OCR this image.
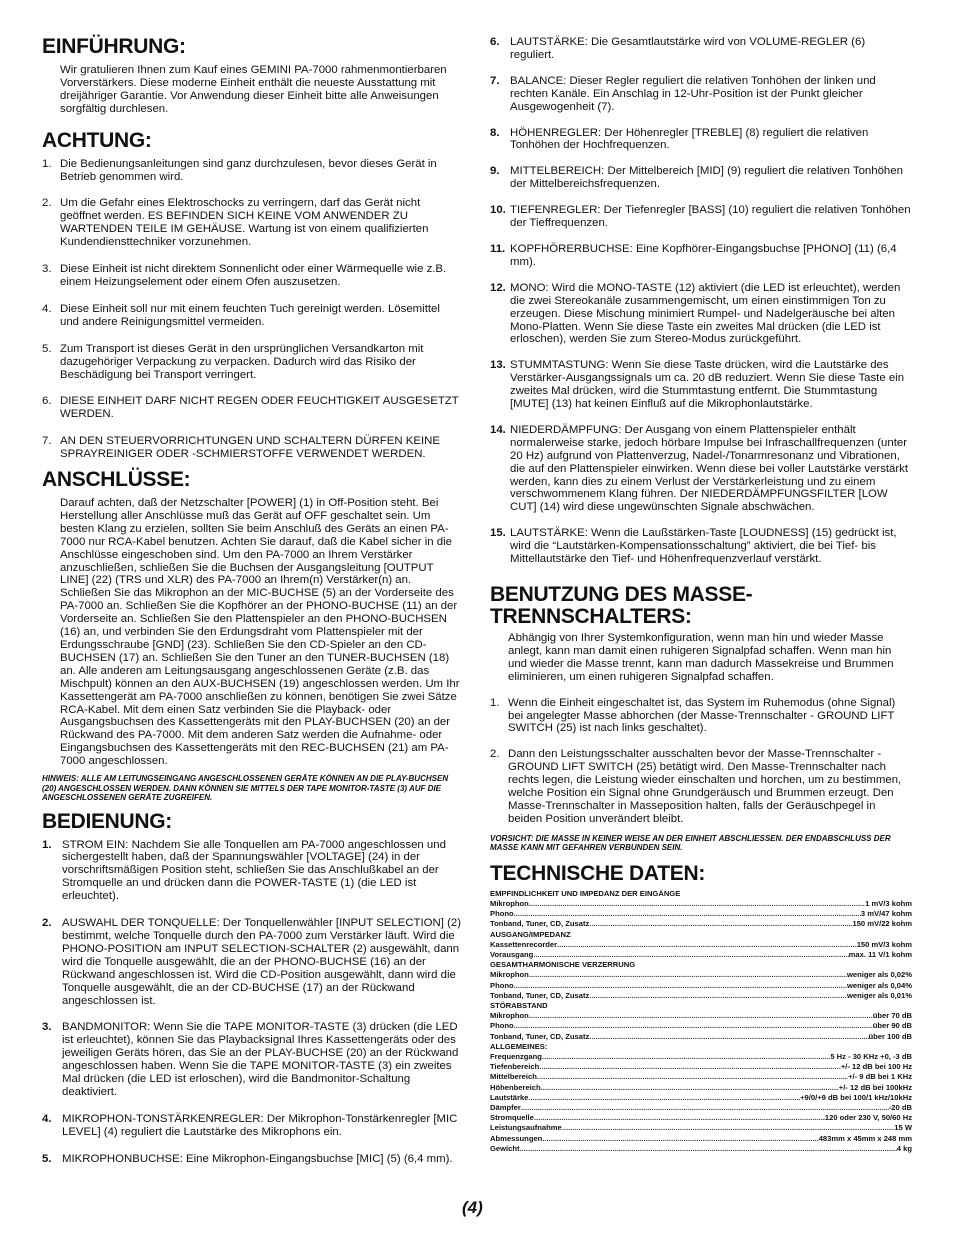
EINFÜHRUNG:

Wir gratulieren Ihnen zum Kauf eines GEMINI PA-7000 rahmenmontierbaren Vorverstärkers. Diese moderne Einheit enthält die neueste Ausstattung mit dreijähriger Garantie. Vor Anwendung dieser Einheit bitte alle Anweisungen sorgfältig durchlesen.

ACHTUNG:
1. Die Bedienungsanleitungen sind ganz durchzulesen, bevor dieses Gerät in Betrieb genommen wird.
2. Um die Gefahr eines Elektroschocks zu verringern, darf das Gerät nicht geöffnet werden. ES BEFINDEN SICH KEINE VOM ANWENDER ZU WARTENDEN TEILE IM GEHÄUSE. Wartung ist von einem qualifizierten Kundendiensttechniker vorzunehmen.
3. Diese Einheit ist nicht direktem Sonnenlicht oder einer Wärmequelle wie z.B. einem Heizungselement oder einem Ofen auszusetzen.
4. Diese Einheit soll nur mit einem feuchten Tuch gereinigt werden. Lösemittel und andere Reinigungsmittel vermeiden.
5. Zum Transport ist dieses Gerät in den ursprünglichen Versandkarton mit dazugehöriger Verpackung zu verpacken. Dadurch wird das Risiko der Beschädigung bei Transport verringert.
6. DIESE EINHEIT DARF NICHT REGEN ODER FEUCHTIGKEIT AUSGESETZT WERDEN.
7. AN DEN STEUERVORRICHTUNGEN UND SCHALTERN DÜRFEN KEINE SPRAYREINIGER ODER -SCHMIERSTOFFE VERWENDET WERDEN.
ANSCHLÜSSE:

Darauf achten, daß der Netzschalter [POWER] (1) in Off-Position steht. Bei Herstellung aller Anschlüsse muß das Gerät auf OFF geschaltet sein. Um besten Klang zu erzielen, sollten Sie beim Anschluß des Geräts an einen PA-7000 nur RCA-Kabel benutzen. Achten Sie darauf, daß die Kabel sicher in die Anschlüsse eingeschoben sind. Um den PA-7000 an Ihrem Verstärker anzuschließen, schließen Sie die Buchsen der Ausgangsleitung [OUTPUT LINE] (22) (TRS und XLR) des PA-7000 an Ihrem(n) Verstärker(n) an. Schließen Sie das Mikrophon an der MIC-BUCHSE (5) an der Vorderseite des PA-7000 an. Schließen Sie die Kopfhörer an der PHONO-BUCHSE (11) an der Vorderseite an. Schließen Sie den Plattenspieler an den PHONO-BUCHSEN (16) an, und verbinden Sie den Erdungsdraht vom Plattenspieler mit der Erdungsschraube [GND] (23). Schließen Sie den CD-Spieler an den CD-BUCHSEN (17) an. Schließen Sie den Tuner an den TUNER-BUCHSEN (18) an. Alle anderen am Leitungsausgang angeschlossenen Geräte (z.B. das Mischpult) können an den AUX-BUCHSEN (19) angeschlossen werden. Um Ihr Kassettengerät am PA-7000 anschließen zu können, benötigen Sie zwei Sätze RCA-Kabel. Mit dem einen Satz verbinden Sie die Playback- oder Ausgangsbuchsen des Kassettengeräts mit den PLAY-BUCHSEN (20) an der Rückwand des PA-7000. Mit dem anderen Satz werden die Aufnahme- oder Eingangsbuchsen des Kassettengeräts mit den REC-BUCHSEN (21) am PA-7000 angeschlossen.

HINWEIS: ALLE AM LEITUNGSEINGANG ANGESCHLOSSENEN GERÄTE KÖNNEN AN DIE PLAY-BUCHSEN (20) ANGESCHLOSSEN WERDEN. DANN KÖNNEN SIE MITTELS DER TAPE MONITOR-TASTE (3) AUF DIE ANGESCHLOSSENEN GERÄTE ZUGREIFEN.

BEDIENUNG:
1. STROM EIN: Nachdem Sie alle Tonquellen am PA-7000 angeschlossen und sichergestellt haben, daß der Spannungswähler [VOLTAGE] (24) in der vorschriftsmäßigen Position steht, schließen Sie das Anschlußkabel an der Stromquelle an und drücken dann die POWER-TASTE (1) (die LED ist erleuchtet).
2. AUSWAHL DER TONQUELLE: Der Tonquellenwähler [INPUT SELECTION] (2) bestimmt, welche Tonquelle durch den PA-7000 zum Verstärker läuft. Wird die PHONO-POSITION am INPUT SELECTION-SCHALTER (2) ausgewählt, dann wird die Tonquelle ausgewählt, die an der PHONO-BUCHSE (16) an der Rückwand angeschlossen ist. Wird die CD-Position ausgewählt, dann wird die Tonquelle ausgewählt, die an der CD-BUCHSE (17) an der Rückwand angeschlossen ist.
3. BANDMONITOR: Wenn Sie die TAPE MONITOR-TASTE (3) drücken (die LED ist erleuchtet), können Sie das Playbacksignal Ihres Kassettengeräts oder des jeweiligen Geräts hören, das Sie an der PLAY-BUCHSE (20) an der Rückwand angeschlossen haben. Wenn Sie die TAPE MONITOR-TASTE (3) ein zweites Mal drücken (die LED ist erloschen), wird die Bandmonitor-Schaltung deaktiviert.
4. MIKROPHON-TONSTÄRKENREGLER: Der Mikrophon-Tonstärkenregler [MIC LEVEL] (4) reguliert die Lautstärke des Mikrophons ein.
5. MIKROPHONBUCHSE: Eine Mikrophon-Eingangsbuchse [MIC] (5) (6,4 mm).
6. LAUTSTÄRKE: Die Gesamtlautstärke wird von VOLUME-REGLER (6) reguliert.
7. BALANCE: Dieser Regler reguliert die relativen Tonhöhen der linken und rechten Kanäle. Ein Anschlag in 12-Uhr-Position ist der Punkt gleicher Ausgewogenheit (7).
8. HÖHENREGLER: Der Höhenregler [TREBLE] (8) reguliert die relativen Tonhöhen der Hochfrequenzen.
9. MITTELBEREICH: Der Mittelbereich [MID] (9) reguliert die relativen Tonhöhen der Mittelbereichsfrequenzen.
10. TIEFENREGLER: Der Tiefenregler [BASS] (10) reguliert die relativen Tonhöhen der Tieffrequenzen.
11. KOPFHÖRERBUCHSE: Eine Kopfhörer-Eingangsbuchse [PHONO] (11) (6,4 mm).
12. MONO: Wird die MONO-TASTE (12) aktiviert (die LED ist erleuchtet), werden die zwei Stereokanäle zusammengemischt, um einen einstimmigen Ton zu erzeugen. Diese Mischung minimiert Rumpel- und Nadelgeräusche bei alten Mono-Platten. Wenn Sie diese Taste ein zweites Mal drücken (die LED ist erloschen), werden Sie zum Stereo-Modus zurückgeführt.
13. STUMMTASTUNG: Wenn Sie diese Taste drücken, wird die Lautstärke des Verstärker-Ausgangssignals um ca. 20 dB reduziert. Wenn Sie diese Taste ein zweites Mal drücken, wird die Stummtastung entfernt. Die Stummtastung [MUTE] (13) hat keinen Einfluß auf die Mikrophonlautstärke.
14. NIEDERDÄMPFUNG: Der Ausgang von einem Plattenspieler enthält normalerweise starke, jedoch hörbare Impulse bei Infraschallfrequenzen (unter 20 Hz) aufgrund von Plattenverzug, Nadel-/Tonarmresonanz und Vibrationen, die auf den Plattenspieler einwirken. Wenn diese bei voller Lautstärke verstärkt werden, kann dies zu einem Verlust der Verstärkerleistung und zu einem verschwommenem Klang führen. Der NIEDERDÄMPFUNGSFILTER [LOW CUT] (14) wird diese ungewünschten Signale abschwächen.
15. LAUTSTÄRKE: Wenn die Laußstärken-Taste [LOUDNESS] (15) gedrückt ist, wird die “Lautstärken-Kompensationsschaltung” aktiviert, die bei Tief- bis Mittellautstärke den Tief- und Höhenfrequenzverlauf verstärkt.
BENUTZUNG DES MASSE-TRENNSCHALTERS:

Abhängig von Ihrer Systemkonfiguration, wenn man hin und wieder Masse anlegt, kann man damit einen ruhigeren Signalpfad schaffen. Wenn man hin und wieder die Masse trennt, kann man dadurch Massekreise und Brummen eliminieren, um einen ruhigeren Signalpfad schaffen.

1. Wenn die Einheit eingeschaltet ist, das System im Ruhemodus (ohne Signal) bei angelegter Masse abhorchen (der Masse-Trennschalter - GROUND LIFT SWITCH (25) ist nach links geschaltet).
2. Dann den Leistungsschalter ausschalten bevor der Masse-Trennschalter - GROUND LIFT SWITCH (25) betätigt wird. Den Masse-Trennschalter nach rechts legen, die Leistung wieder einschalten und horchen, um zu bestimmen, welche Position ein Signal ohne Grundgeräusch und Brummen erzeugt. Den Masse-Trennschalter in Masseposition halten, falls der Geräuschpegel in beiden Position unverändert bleibt.

VORSICHT: DIE MASSE IN KEINER WEISE AN DER EINHEIT ABSCHLIESSEN. DER ENDABSCHLUSS DER MASSE KANN MIT GEFAHREN VERBUNDEN SEIN.

TECHNISCHE DATEN:
EMPFINDLICHKEIT UND IMPEDANZ DER EINGÄNGE
Mikrophon .....	1 mV/3 kohm
Phono .....	3 mV/47 kohm
Tonband, Tuner, CD, Zusatz .....	150 mV/22 kohm
AUSGANG/IMPEDANZ
Kassettenrecorder .....	150 mV/3 kohm
Vorausgang .....	max. 11 V/1 kohm
GESAMTHARMONISCHE VERZERRUNG
Mikrophon .....	weniger als 0,02%
Phono .....	weniger als 0,04%
Tonband, Tuner, CD, Zusatz .....	weniger als 0,01%
STÖRABSTAND
Mikrophon .....	über 70 dB
Phono .....	über 90 dB
Tonband, Tuner, CD, Zusatz .....	über 100 dB
ALLGEMEINES:
Frequenzgang .....	5 Hz - 30 KHz +0, -3 dB
Tiefenbereich .....	+/- 12 dB bei 100 Hz
Mittelbereich .....	+/- 9 dB bei 1 KHz
Höhenbereich .....	+/- 12 dB bei 100kHz
Lautstärke .....	+9/0/+9 dB bei 100/1 kHz/10kHz
Dämpfer .....	-20 dB
Stromquelle .....	120 oder 230 V, 50/60 Hz
Leistungsaufnahme .....	15 W
Abmessungen .....	483mm x 45mm x 248 mm
Gewicht .....	4 kg
(4)
